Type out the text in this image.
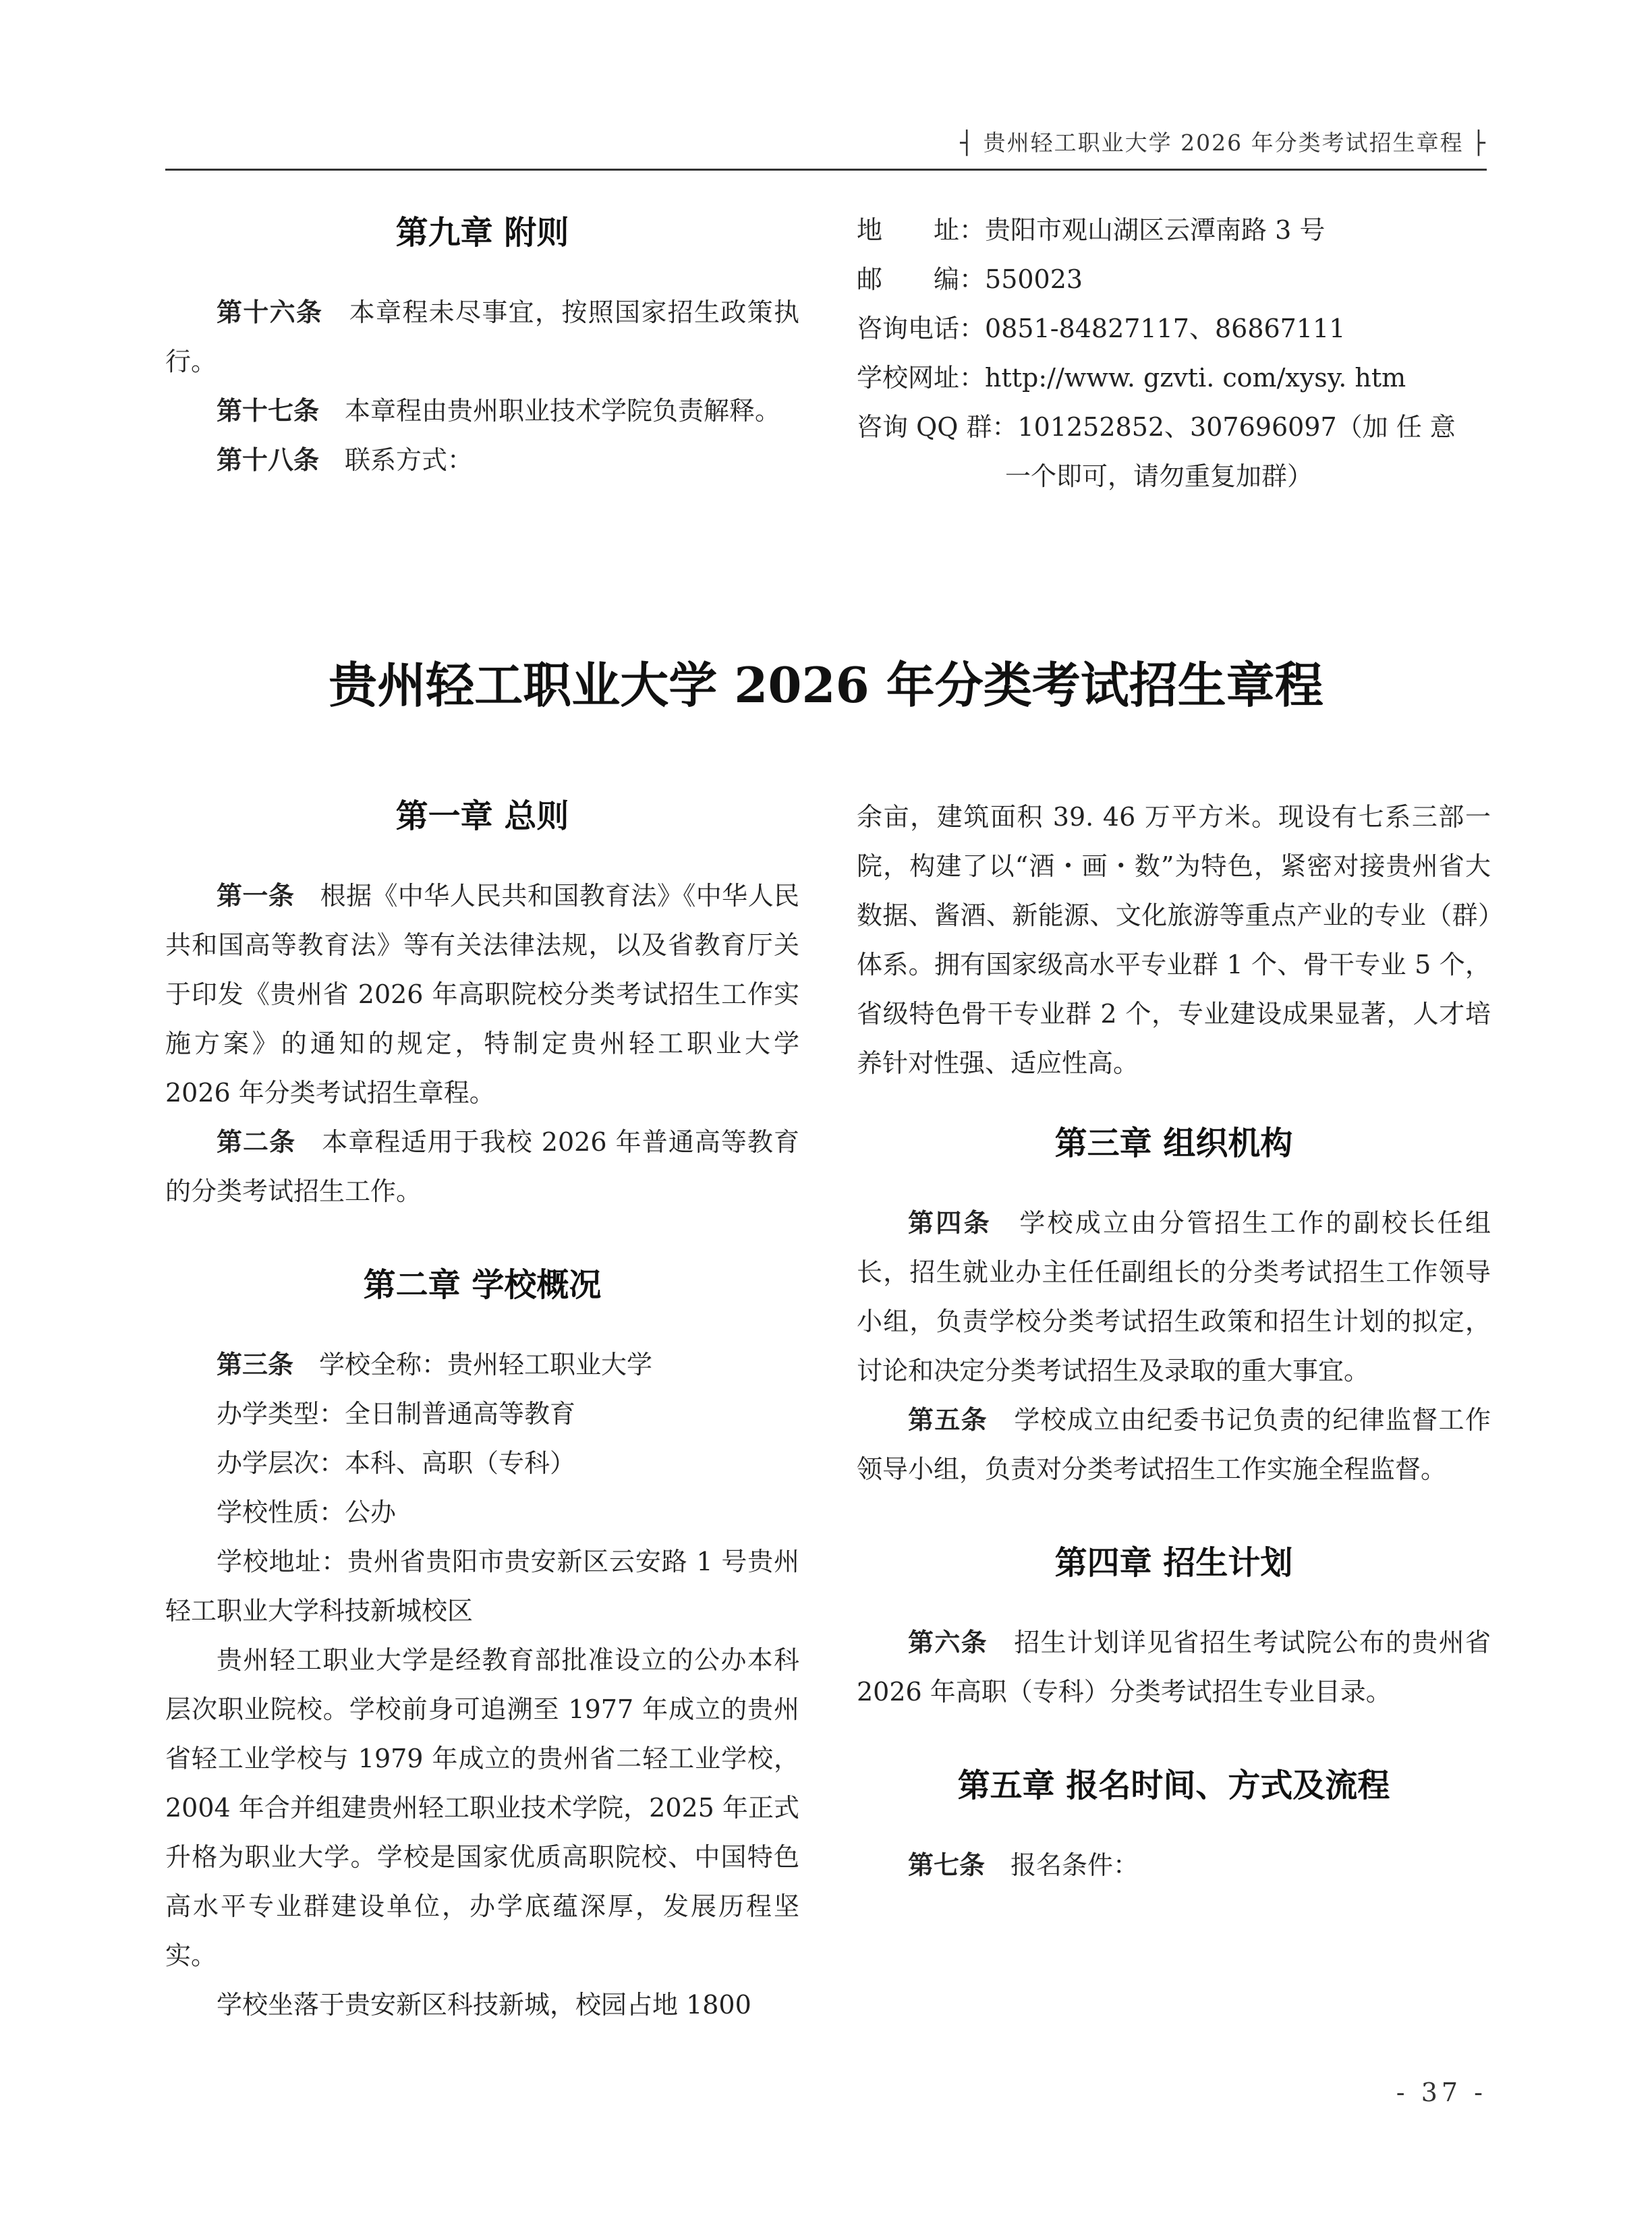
┤ 贵州轻工职业大学 2026 年分类考试招生章程 ├
第九章 附则

第十六条　 本章程未尽事宜，按照国家招生政策执行。

第十七条　 本章程由贵州职业技术学院负责解释。

第十八条　 联系方式：

地　　址： 贵阳市观山湖区云潭南路 3 号
邮　　编： 550023
咨询电话： 0851-84827117、86867111
学校网址： http://www. gzvti. com/xysy. htm
咨询 QQ 群： 101252852、307696097（加 任 意
一个即可，请勿重复加群）
贵州轻工职业大学 2026 年分类考试招生章程
第一章 总则

第一条　 根据《中华人民共和国教育法》《中华人民共和国高等教育法》等有关法律法规，以及省教育厅关于印发《贵州省 2026 年高职院校分类考试招生工作实施方案》的通知的规定，特制定贵州轻工职业大学 2026 年分类考试招生章程。

第二条　 本章程适用于我校 2026 年普通高等教育的分类考试招生工作。

第二章 学校概况

第三条　 学校全称：贵州轻工职业大学

办学类型：全日制普通高等教育

办学层次：本科、高职（专科）

学校性质：公办

学校地址：贵州省贵阳市贵安新区云安路 1 号贵州轻工职业大学科技新城校区

贵州轻工职业大学是经教育部批准设立的公办本科层次职业院校。学校前身可追溯至 1977 年成立的贵州省轻工业学校与 1979 年成立的贵州省二轻工业学校，2004 年合并组建贵州轻工职业技术学院，2025 年正式升格为职业大学。学校是国家优质高职院校、中国特色高水平专业群建设单位，办学底蕴深厚，发展历程坚实。

学校坐落于贵安新区科技新城，校园占地 1800

余亩，建筑面积 39. 46 万平方米。现设有七系三部一院，构建了以“酒・画・数”为特色，紧密对接贵州省大数据、酱酒、新能源、文化旅游等重点产业的专业（群）体系。拥有国家级高水平专业群 1 个、骨干专业 5 个，省级特色骨干专业群 2 个，专业建设成果显著，人才培养针对性强、适应性高。

第三章 组织机构

第四条　 学校成立由分管招生工作的副校长任组长，招生就业办主任任副组长的分类考试招生工作领导小组，负责学校分类考试招生政策和招生计划的拟定，讨论和决定分类考试招生及录取的重大事宜。

第五条　 学校成立由纪委书记负责的纪律监督工作领导小组，负责对分类考试招生工作实施全程监督。

第四章 招生计划

第六条　 招生计划详见省招生考试院公布的贵州省 2026 年高职（专科）分类考试招生专业目录。

第五章 报名时间、方式及流程

第七条　 报名条件：

- 37 -
